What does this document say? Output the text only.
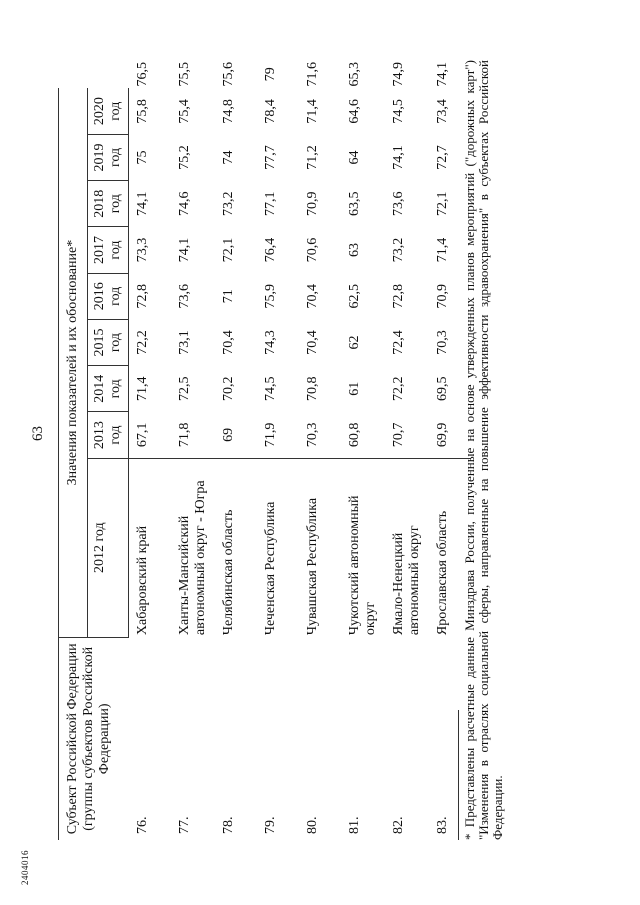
63
2404016
Субъект Российской Федерации (группы субъектов Российской Федерации)	Значения показателей и их обоснование*									
	2012 год	2013 год	2014 год	2015 год	2016 год	2017 год	2018 год	2019 год	2020 год	
76.	Хабаровский край	67,1	71,4	72,2	72,8	73,3	74,1	75	75,8	76,5
77.	Ханты-Мансийский автономный округ - Югра	71,8	72,5	73,1	73,6	74,1	74,6	75,2	75,4	75,5
78.	Челябинская область	69	70,2	70,4	71	72,1	73,2	74	74,8	75,6
79.	Чеченская Республика	71,9	74,5	74,3	75,9	76,4	77,1	77,7	78,4	79
80.	Чувашская Республика	70,3	70,8	70,4	70,4	70,6	70,9	71,2	71,4	71,6
81.	Чукотский автономный округ	60,8	61	62	62,5	63	63,5	64	64,6	65,3
82.	Ямало-Ненецкий автономный округ	70,7	72,2	72,4	72,8	73,2	73,6	74,1	74,5	74,9
83.	Ярославская область	69,9	69,5	70,3	70,9	71,4	72,1	72,7	73,4	74,1 * Представлены расчетные данные Минздрава России, полученные на основе утвержденных планов мероприятий ("дорожных карт") "Изменения в отраслях социальной сферы, направленные на повышение эффективности здравоохранения" в субъектах Российской Федерации.
